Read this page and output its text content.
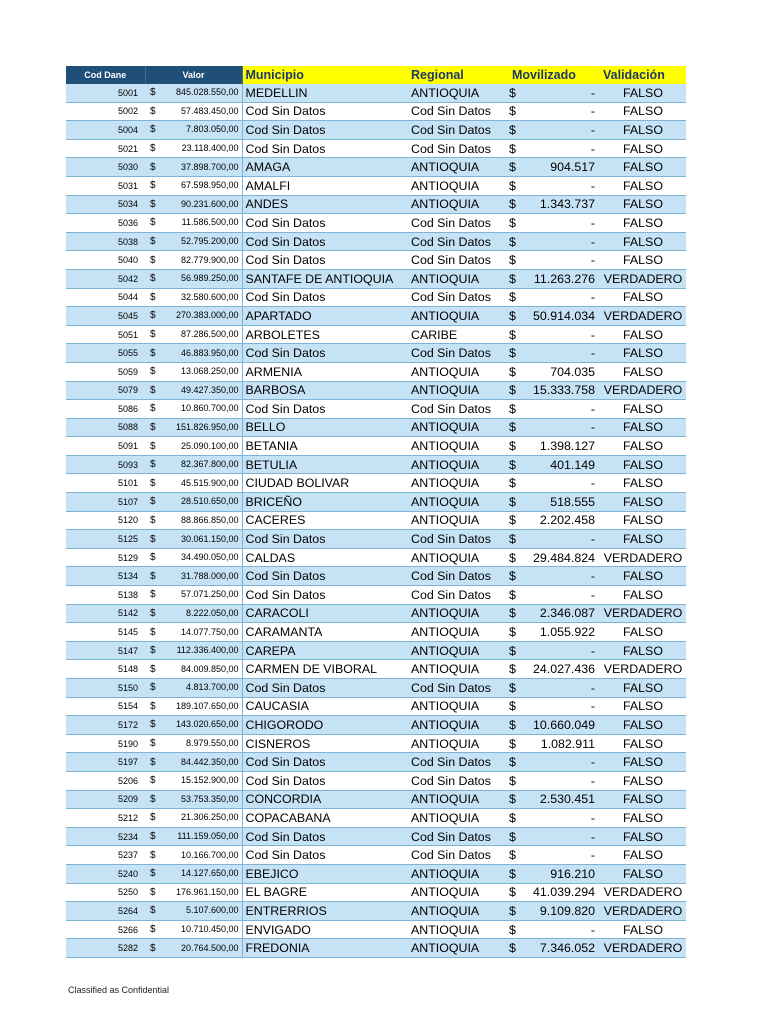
Cod Dane	Valor	Municipio	Regional	Movilizado	Validación
5001	$ 845.028.550,00	MEDELLIN	ANTIOQUIA	$ -	FALSO
5002	$ 57.483.450,00	Cod Sin Datos	Cod Sin Datos	$ -	FALSO
5004	$ 7.803.050,00	Cod Sin Datos	Cod Sin Datos	$ -	FALSO
5021	$ 23.118.400,00	Cod Sin Datos	Cod Sin Datos	$ -	FALSO
5030	$ 37.898.700,00	AMAGA	ANTIOQUIA	$ 904.517	FALSO
5031	$ 67.598.950,00	AMALFI	ANTIOQUIA	$ -	FALSO
5034	$ 90.231.600,00	ANDES	ANTIOQUIA	$ 1.343.737	FALSO
5036	$ 11.586.500,00	Cod Sin Datos	Cod Sin Datos	$ -	FALSO
5038	$ 52.795.200,00	Cod Sin Datos	Cod Sin Datos	$ -	FALSO
5040	$ 82.779.900,00	Cod Sin Datos	Cod Sin Datos	$ -	FALSO
5042	$ 56.989.250,00	SANTAFE DE ANTIOQUIA	ANTIOQUIA	$ 11.263.276	VERDADERO
5044	$ 32.580.600,00	Cod Sin Datos	Cod Sin Datos	$ -	FALSO
5045	$ 270.383.000,00	APARTADO	ANTIOQUIA	$ 50.914.034	VERDADERO
5051	$ 87.286.500,00	ARBOLETES	CARIBE	$ -	FALSO
5055	$ 46.883.950,00	Cod Sin Datos	Cod Sin Datos	$ -	FALSO
5059	$ 13.068.250,00	ARMENIA	ANTIOQUIA	$ 704.035	FALSO
5079	$ 49.427.350,00	BARBOSA	ANTIOQUIA	$ 15.333.758	VERDADERO
5086	$ 10.860.700,00	Cod Sin Datos	Cod Sin Datos	$ -	FALSO
5088	$ 151.826.950,00	BELLO	ANTIOQUIA	$ -	FALSO
5091	$ 25.090.100,00	BETANIA	ANTIOQUIA	$ 1.398.127	FALSO
5093	$ 82.367.800,00	BETULIA	ANTIOQUIA	$ 401.149	FALSO
5101	$ 45.515.900,00	CIUDAD BOLIVAR	ANTIOQUIA	$ -	FALSO
5107	$ 28.510.650,00	BRICEÑO	ANTIOQUIA	$ 518.555	FALSO
5120	$ 88.866.850,00	CACERES	ANTIOQUIA	$ 2.202.458	FALSO
5125	$ 30.061.150,00	Cod Sin Datos	Cod Sin Datos	$ -	FALSO
5129	$ 34.490.050,00	CALDAS	ANTIOQUIA	$ 29.484.824	VERDADERO
5134	$ 31.788.000,00	Cod Sin Datos	Cod Sin Datos	$ -	FALSO
5138	$ 57.071.250,00	Cod Sin Datos	Cod Sin Datos	$ -	FALSO
5142	$ 8.222.050,00	CARACOLI	ANTIOQUIA	$ 2.346.087	VERDADERO
5145	$ 14.077.750,00	CARAMANTA	ANTIOQUIA	$ 1.055.922	FALSO
5147	$ 112.336.400,00	CAREPA	ANTIOQUIA	$ -	FALSO
5148	$ 84.009.850,00	CARMEN DE VIBORAL	ANTIOQUIA	$ 24.027.436	VERDADERO
5150	$ 4.813.700,00	Cod Sin Datos	Cod Sin Datos	$ -	FALSO
5154	$ 189.107.650,00	CAUCASIA	ANTIOQUIA	$ -	FALSO
5172	$ 143.020.650,00	CHIGORODO	ANTIOQUIA	$ 10.660.049	FALSO
5190	$ 8.979.550,00	CISNEROS	ANTIOQUIA	$ 1.082.911	FALSO
5197	$ 84.442.350,00	Cod Sin Datos	Cod Sin Datos	$ -	FALSO
5206	$ 15.152.900,00	Cod Sin Datos	Cod Sin Datos	$ -	FALSO
5209	$ 53.753.350,00	CONCORDIA	ANTIOQUIA	$ 2.530.451	FALSO
5212	$ 21.306.250,00	COPACABANA	ANTIOQUIA	$ -	FALSO
5234	$ 111.159.050,00	Cod Sin Datos	Cod Sin Datos	$ -	FALSO
5237	$ 10.166.700,00	Cod Sin Datos	Cod Sin Datos	$ -	FALSO
5240	$ 14.127.650,00	EBEJICO	ANTIOQUIA	$ 916.210	FALSO
5250	$ 176.961.150,00	EL BAGRE	ANTIOQUIA	$ 41.039.294	VERDADERO
5264	$ 5.107.600,00	ENTRERRIOS	ANTIOQUIA	$ 9.109.820	VERDADERO
5266	$ 10.710.450,00	ENVIGADO	ANTIOQUIA	$ -	FALSO
5282	$ 20.764.500,00	FREDONIA	ANTIOQUIA	$ 7.346.052	VERDADERO
Classified as Confidential
